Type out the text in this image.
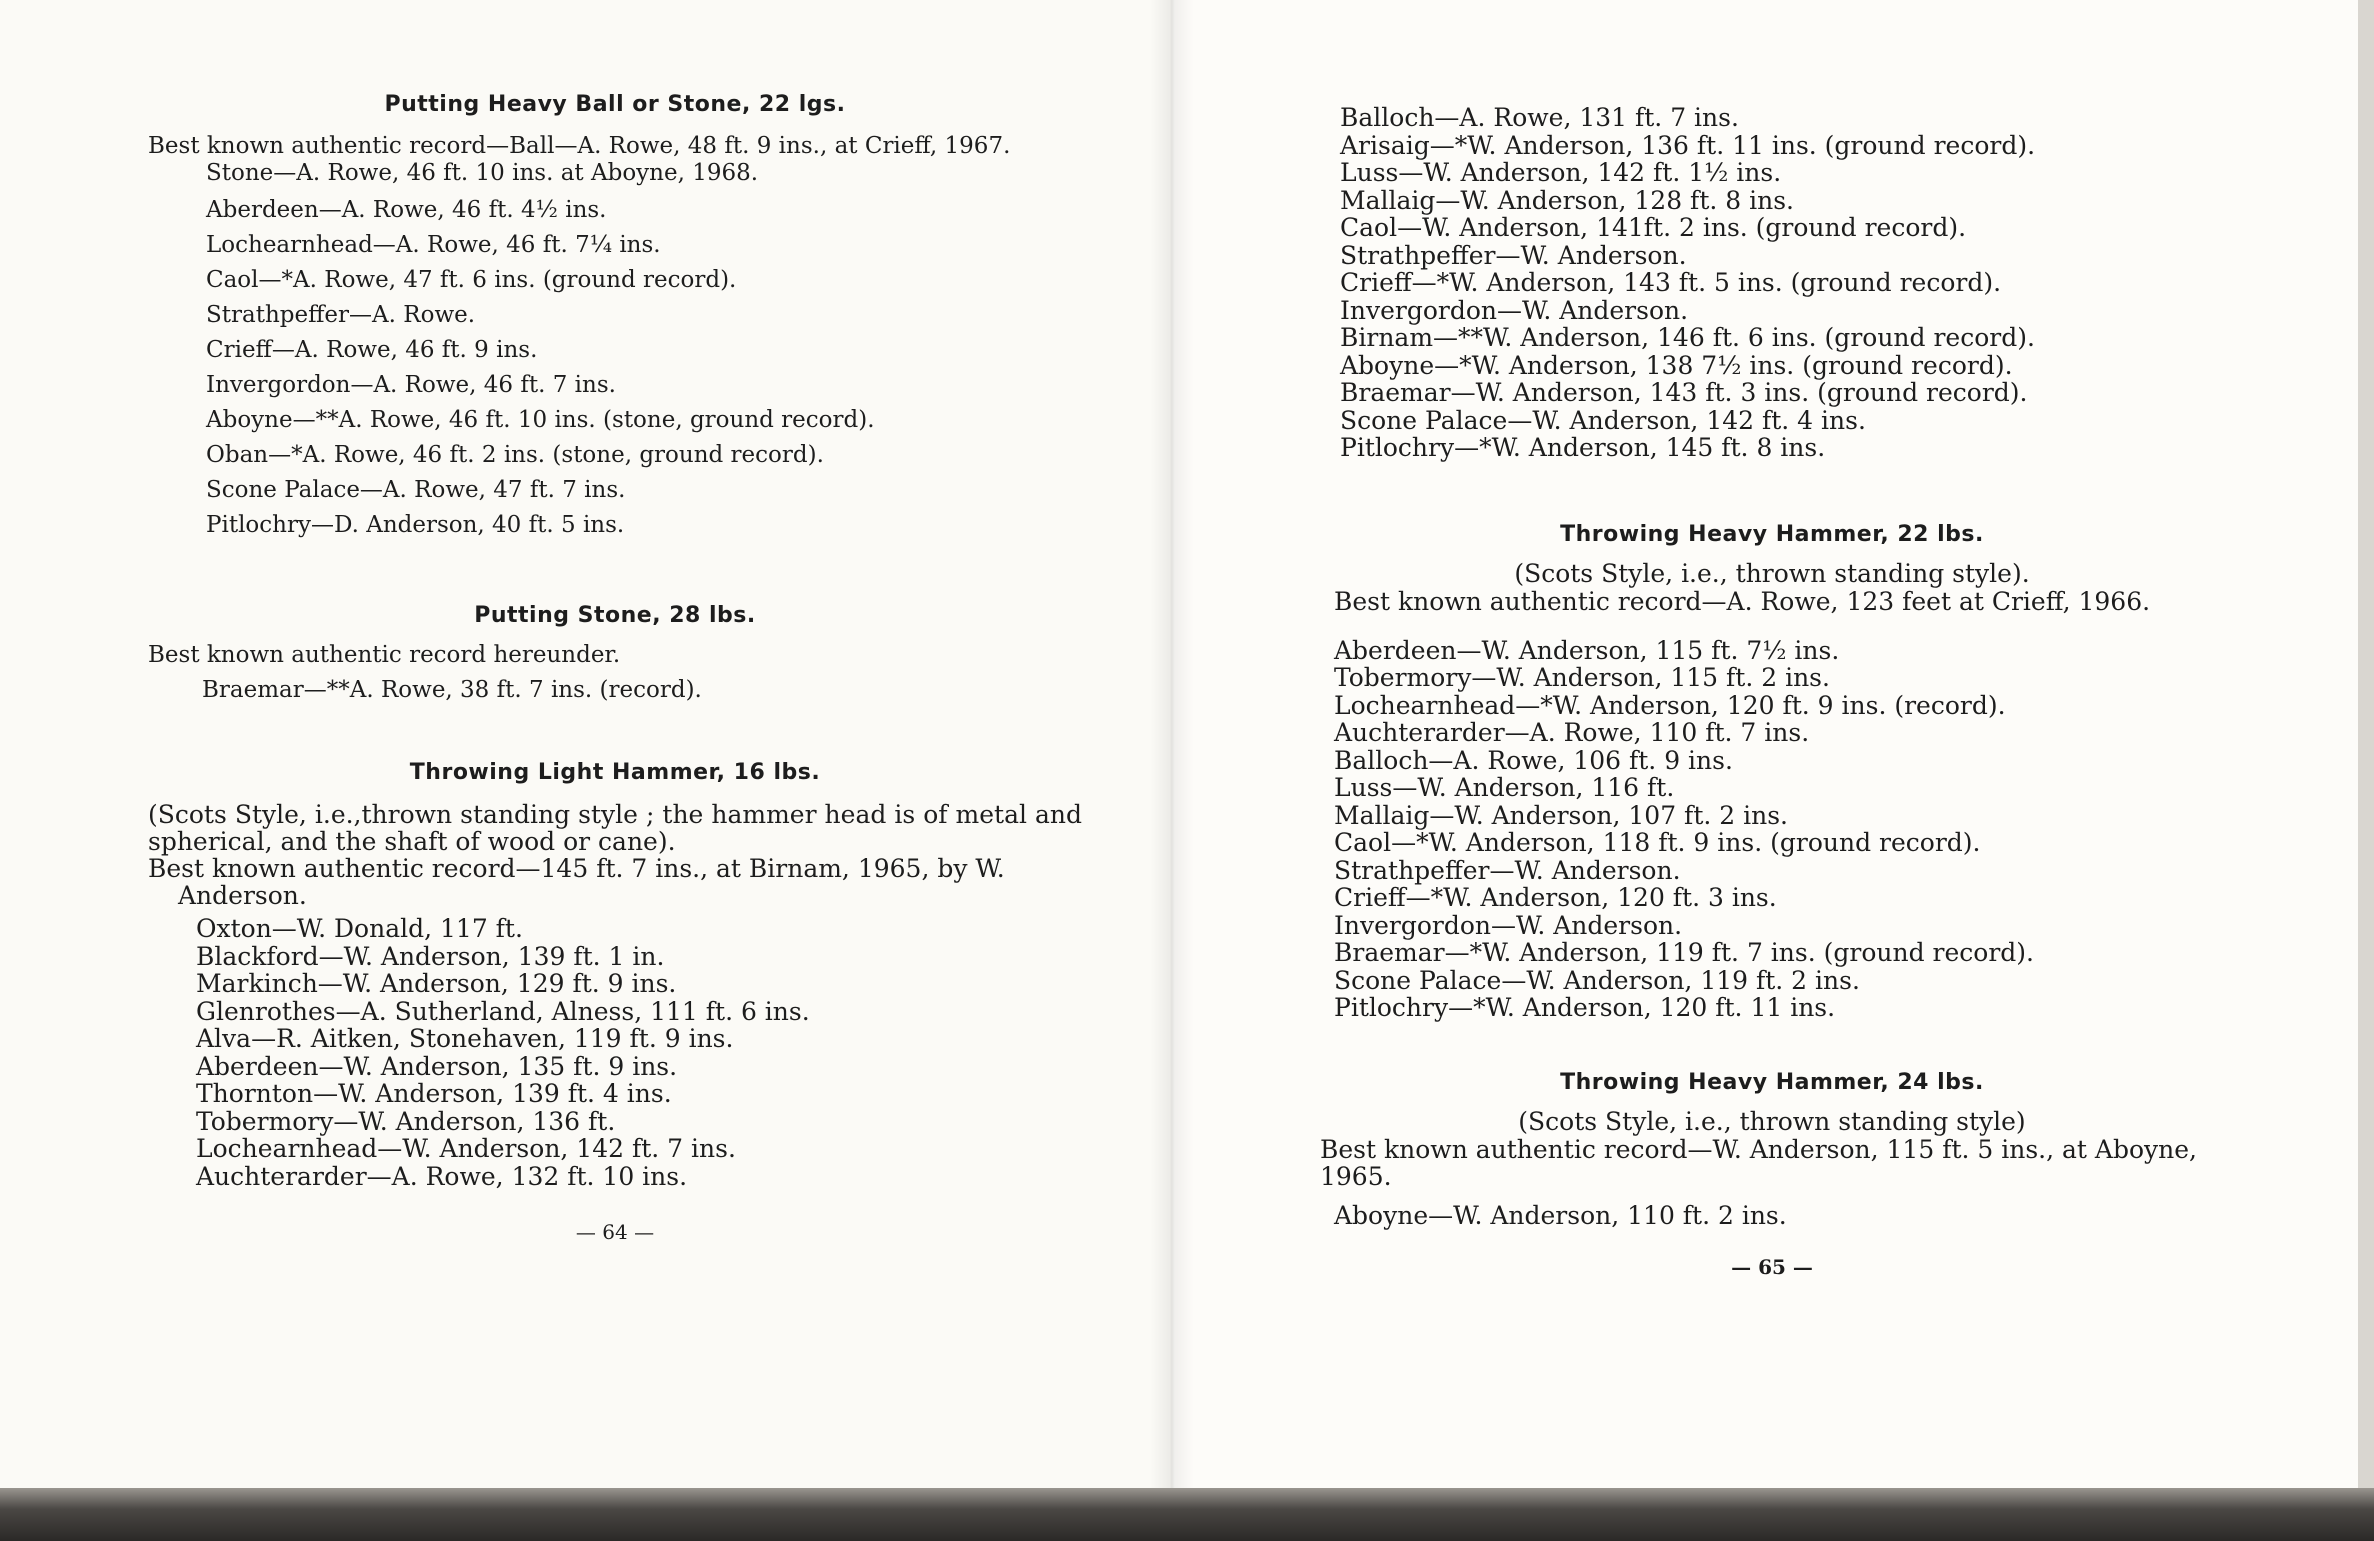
Putting Heavy Ball or Stone, 22 lgs.

Best known authentic record—Ball—A. Rowe, 48 ft. 9 ins., at Crieff, 1967. Stone—A. Rowe, 46 ft. 10 ins. at Aboyne, 1968.

Aberdeen—A. Rowe, 46 ft. 4½ ins.
Lochearnhead—A. Rowe, 46 ft. 7¼ ins.
Caol—*A. Rowe, 47 ft. 6 ins. (ground record).
Strathpeffer—A. Rowe.
Crieff—A. Rowe, 46 ft. 9 ins.
Invergordon—A. Rowe, 46 ft. 7 ins.
Aboyne—**A. Rowe, 46 ft. 10 ins. (stone, ground record).
Oban—*A. Rowe, 46 ft. 2 ins. (stone, ground record).
Scone Palace—A. Rowe, 47 ft. 7 ins.
Pitlochry—D. Anderson, 40 ft. 5 ins.
Putting Stone, 28 lbs.

Best known authentic record hereunder.

Braemar—**A. Rowe, 38 ft. 7 ins. (record).
Throwing Light Hammer, 16 lbs.

(Scots Style, i.e.,thrown standing style ; the hammer head is of metal and spherical, and the shaft of wood or cane).

Best known authentic record—145 ft. 7 ins., at Birnam, 1965, by W. Anderson.

Oxton—W. Donald, 117 ft.
Blackford—W. Anderson, 139 ft. 1 in.
Markinch—W. Anderson, 129 ft. 9 ins.
Glenrothes—A. Sutherland, Alness, 111 ft. 6 ins.
Alva—R. Aitken, Stonehaven, 119 ft. 9 ins.
Aberdeen—W. Anderson, 135 ft. 9 ins.
Thornton—W. Anderson, 139 ft. 4 ins.
Tobermory—W. Anderson, 136 ft.
Lochearnhead—W. Anderson, 142 ft. 7 ins.
Auchterarder—A. Rowe, 132 ft. 10 ins.

— 64 —

Balloch—A. Rowe, 131 ft. 7 ins.
Arisaig—*W. Anderson, 136 ft. 11 ins. (ground record).
Luss—W. Anderson, 142 ft. 1½ ins.
Mallaig—W. Anderson, 128 ft. 8 ins.
Caol—W. Anderson, 141ft. 2 ins. (ground record).
Strathpeffer—W. Anderson.
Crieff—*W. Anderson, 143 ft. 5 ins. (ground record).
Invergordon—W. Anderson.
Birnam—**W. Anderson, 146 ft. 6 ins. (ground record).
Aboyne—*W. Anderson, 138 7½ ins. (ground record).
Braemar—W. Anderson, 143 ft. 3 ins. (ground record).
Scone Palace—W. Anderson, 142 ft. 4 ins.
Pitlochry—*W. Anderson, 145 ft. 8 ins.
Throwing Heavy Hammer, 22 lbs.

(Scots Style, i.e., thrown standing style).

Best known authentic record—A. Rowe, 123 feet at Crieff, 1966.

Aberdeen—W. Anderson, 115 ft. 7½ ins.
Tobermory—W. Anderson, 115 ft. 2 ins.
Lochearnhead—*W. Anderson, 120 ft. 9 ins. (record).
Auchterarder—A. Rowe, 110 ft. 7 ins.
Balloch—A. Rowe, 106 ft. 9 ins.
Luss—W. Anderson, 116 ft.
Mallaig—W. Anderson, 107 ft. 2 ins.
Caol—*W. Anderson, 118 ft. 9 ins. (ground record).
Strathpeffer—W. Anderson.
Crieff—*W. Anderson, 120 ft. 3 ins.
Invergordon—W. Anderson.
Braemar—*W. Anderson, 119 ft. 7 ins. (ground record).
Scone Palace—W. Anderson, 119 ft. 2 ins.
Pitlochry—*W. Anderson, 120 ft. 11 ins.
Throwing Heavy Hammer, 24 lbs.

(Scots Style, i.e., thrown standing style)

Best known authentic record—W. Anderson, 115 ft. 5 ins., at Aboyne, 1965.

Aboyne—W. Anderson, 110 ft. 2 ins.

— 65 —
